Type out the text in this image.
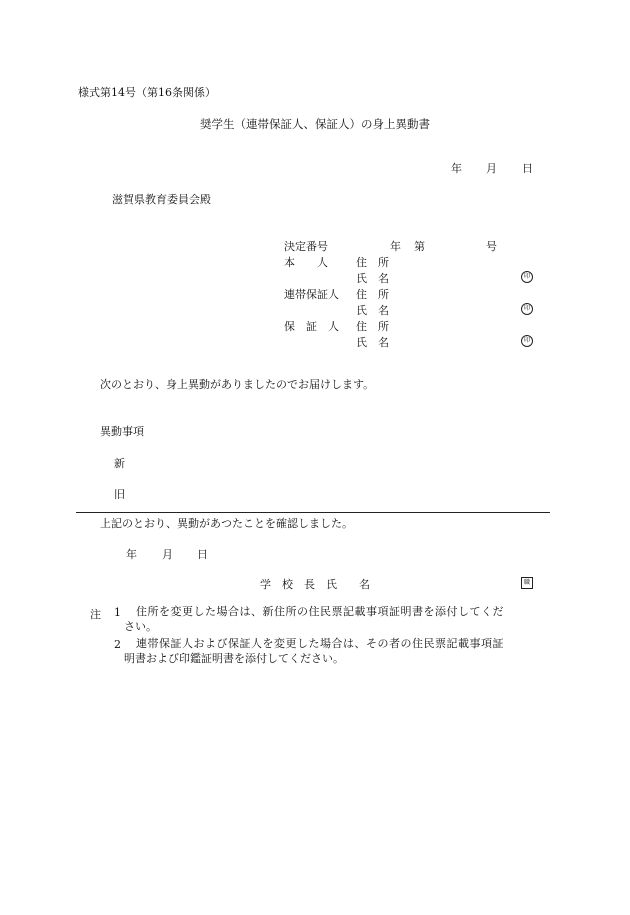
様式第14号（第16条関係）
奨学生（連帯保証人、保証人）の身上異動書
年 月 日
滋賀県教育委員会殿
決定番号	年 第	号
本　　人	住　所
氏　名	印
連帯保証人 住　所
氏　名	印
保　証　人 住　所
氏　名	印
次のとおり、身上異動がありましたのでお届けします。
異動事項
新
旧
上記のとおり、異動があつたことを確認しました。
年 月 日
学　校　長　氏　　名	職
注 1 住所を変更した場合は、新住所の住民票記載事項証明書を添付してくだ
さい。
2 連帯保証人および保証人を変更した場合は、その者の住民票記載事項証
明書および印鑑証明書を添付してください。
